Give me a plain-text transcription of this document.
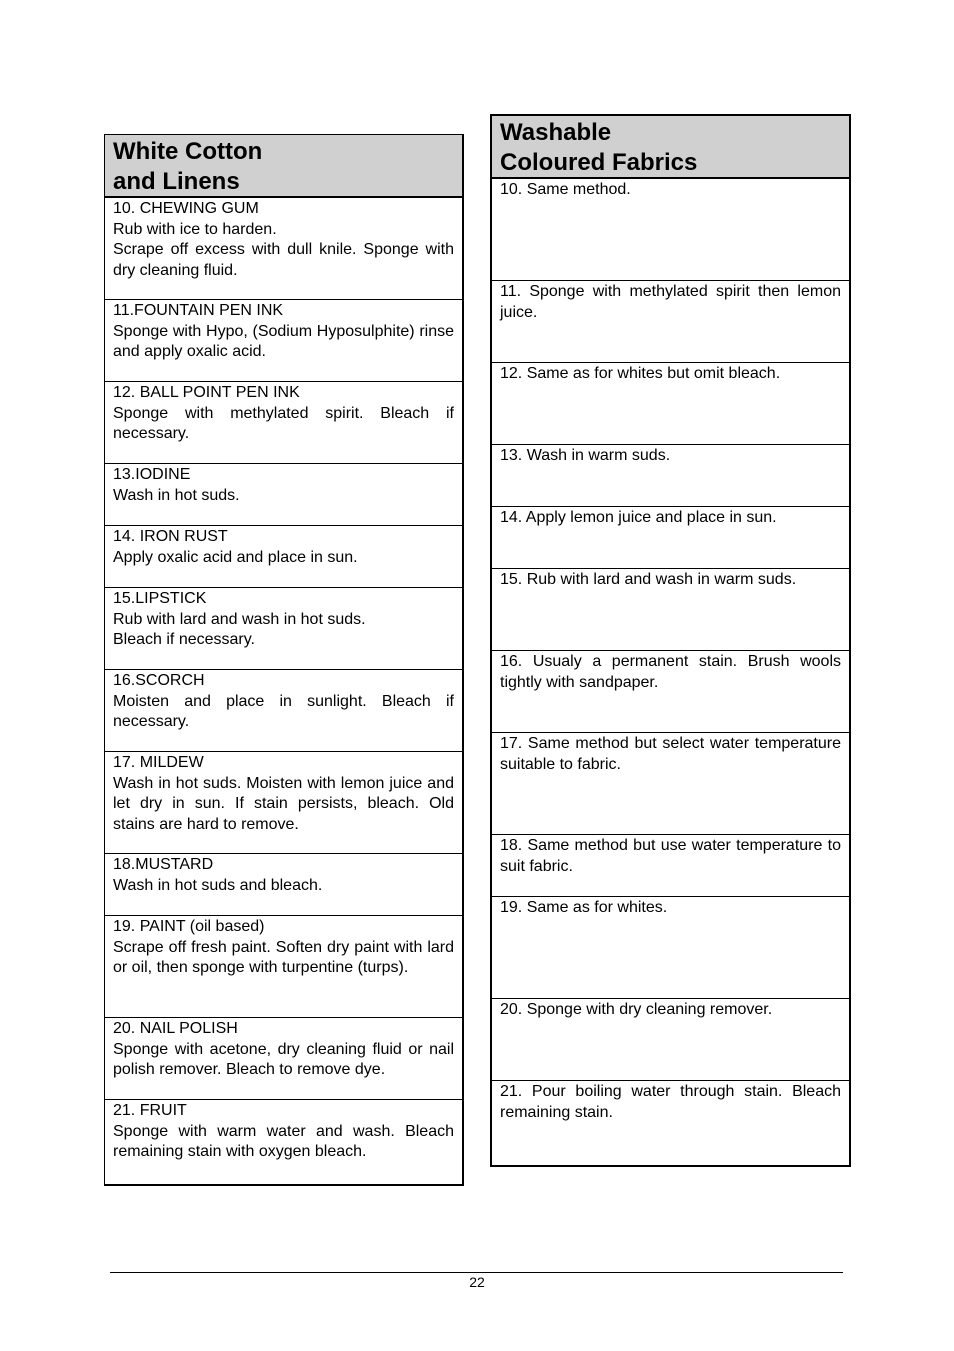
White Cotton
and Linens
10. CHEWING GUM
Rub with ice to harden.
Scrape off excess with dull knile. Sponge with dry cleaning fluid.
11.FOUNTAIN PEN INK
Sponge with Hypo, (Sodium Hyposulphite) rinse and apply oxalic acid.
12. BALL POINT PEN INK
Sponge with methylated spirit. Bleach if necessary.
13.IODINE
Wash in hot suds.
14. IRON RUST
Apply oxalic acid and place in sun.
15.LIPSTICK
Rub with lard and wash in hot suds.
Bleach if necessary.
16.SCORCH
Moisten and place in sunlight. Bleach if necessary.
17. MILDEW
Wash in hot suds. Moisten with lemon juice and let dry in sun. If stain persists, bleach. Old stains are hard to remove.
18.MUSTARD
Wash in hot suds and bleach.
19. PAINT (oil based)
Scrape off fresh paint. Soften dry paint with lard or oil, then sponge with turpentine (turps).
20. NAIL POLISH
Sponge with acetone, dry cleaning fluid or nail polish remover. Bleach to remove dye.
21. FRUIT
Sponge with warm water and wash. Bleach remaining stain with oxygen bleach.
Washable
Coloured Fabrics
10. Same method.
11. Sponge with methylated spirit then lemon juice.
12. Same as for whites but omit bleach.
13. Wash in warm suds.
14. Apply lemon juice and place in sun.
15. Rub with lard and wash in warm suds.
16. Usualy a permanent stain. Brush wools tightly with sandpaper.
17. Same method but select water temperature suitable to fabric.
18. Same method but use water temperature to suit fabric.
19. Same as for whites.
20. Sponge with dry cleaning remover.
21. Pour boiling water through stain. Bleach remaining stain.
22
